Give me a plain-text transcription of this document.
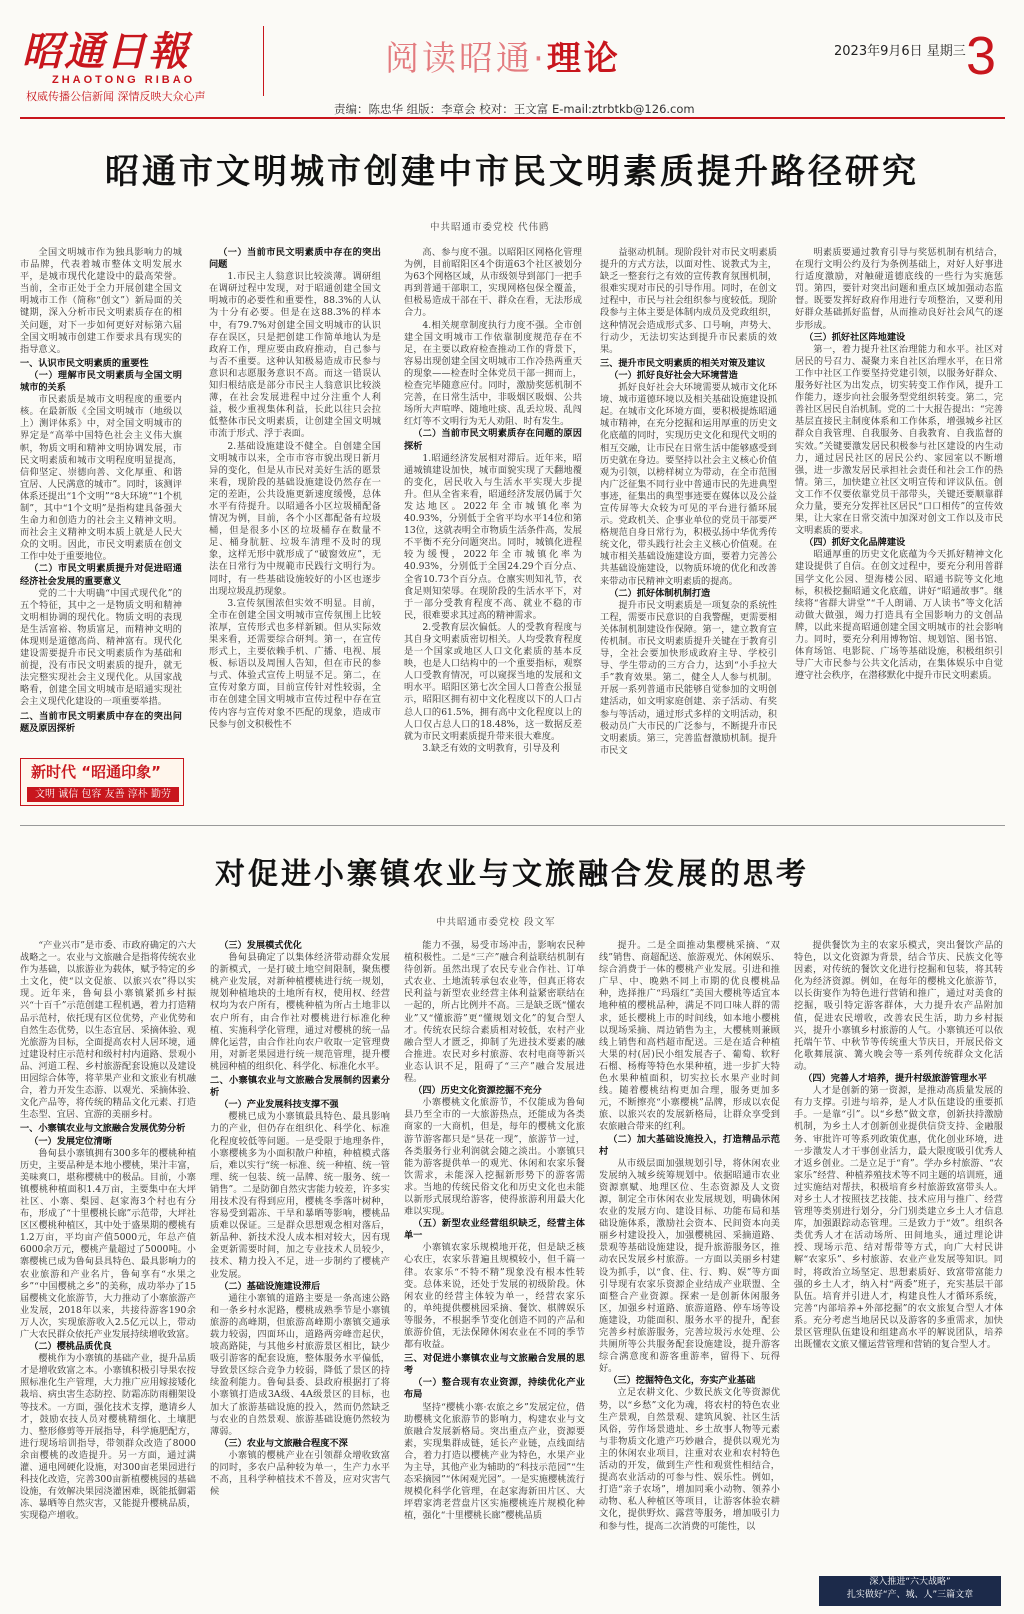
昭通日報
ZHAOTONG RIBAO
权威传播公信新闻 深情反映大众心声
阅读昭通·理论	2023年9月6日 星期三 3
责编：陈忠华 组版：李章会 校对：王文富 E-mail:ztrbtkb@126.com
昭通市文明城市创建中市民文明素质提升路径研究
中共昭通市委党校 代伟鸥

全国文明城市作为独具影响力的城市品牌，代表着城市整体文明发展水平，是城市现代化建设中的最高荣誉。当前，全市正处于全力开展创建全国文明城市工作（简称“创文”）新局面的关键期，深入分析市民文明素质存在的相关问题，对下一步如何更好对标第六届全国文明城市创建工作要求具有现实的指导意义。

一、认识市民文明素质的重要性

（一）理解市民文明素质与全国文明城市的关系

市民素质是城市文明程度的重要内核。在最新版《全国文明城市（地级以上）测评体系》中，对全国文明城市的界定是“高举中国特色社会主义伟大旗帜，物质文明和精神文明协调发展，市民文明素质和城市文明程度明显提高，信仰坚定、崇德向善、文化厚重、和谐宜居、人民满意的城市”。同时，该测评体系还提出“1个文明”“8大环境”“1个机制”，其中“1个文明”是指构建具备强大生命力和创造力的社会主义精神文明。而社会主义精神文明本质上就是人民大众的文明。因此，市民文明素质在创文工作中处于重要地位。

（二）市民文明素质提升对促进昭通经济社会发展的重要意义

党的二十大明确“中国式现代化”的五个特征，其中之一是物质文明和精神文明相协调的现代化。物质文明的表现是生活富裕、物质富足，而精神文明的体现则是道德高尚、精神富有。现代化建设需要提升市民文明素质作为基础和前提，没有市民文明素质的提升，就无法完整实现社会主义现代化。从国家战略看，创建全国文明城市是昭通实现社会主义现代化建设的一项重要举措。

二、当前市民文明素质中存在的突出问题及原因探析

新时代 “昭通印象”
文明 诚信 包容 友善 淳朴 勤劳

（一）当前市民文明素质中存在的突出问题

1.市民主人翁意识比较淡薄。调研组在调研过程中发现，对于昭通创建全国文明城市的必要性和重要性，88.3%的人认为十分有必要。但是在这88.3%的样本中，有79.7%对创建全国文明城市的认识存在误区，只是把创建工作简单地认为是政府工作，理应要由政府推动，自己参与与否不重要。这种认知极易造成市民参与意识和志愿服务意识不高。而这一错误认知归根结底是部分市民主人翁意识比较淡薄，在社会发展进程中过分注重个人利益，极少重视集体利益，长此以往只会拉低整体市民文明素质，让创建全国文明城市流于形式、浮于表面。

2.基础设施建设不健全。自创建全国文明城市以来，全市市容市貌出现日新月异的变化，但是从市民对美好生活的愿景来看，现阶段的基础设施建设仍然存在一定的差距，公共设施更新速度缓慢，总体水平有待提升。以昭通各小区垃圾桶配备情况为例，目前，各个小区都配备有垃圾桶，但是很多小区的垃圾桶存在数量不足、桶身肮脏、垃圾车清理不及时的现象，这样无形中就形成了“破窗效应”，无法在日常行为中规範市民践行文明行为。同时，有一些基础设施较好的小区也逐步出现垃圾乱扔现象。

3.宣传氛围浓但实效不明显。目前，全市在创建全国文明城市宣传氛围上比较浓厚，宣传形式也多样新颖。但从实际效果来看，还需要综合研判。第一，在宣传形式上，主要依赖手机、广播、电视、展板、标语以及周围人告知，但在市民的参与式、体验式宣传上明显不足。第二，在宣传对象方面，目前宣传针对性较弱，全市在创建全国文明城市宣传过程中存在宣传内容与宣传对象不匹配的现象，造成市民参与创文积极性不

高、参与度不强。以昭阳区网格化管理为例，目前昭阳区4个街道63个社区被划分为63个网格区域，从市级领导到部门一把手再到普通干部职工，实现网格包保全覆盖，但极易造成干部在干、群众在看，无法形成合力。

4.相关规章制度执行力度不强。全市创建全国文明城市工作依靠制度规范存在不足，在主要以政府检查推动工作的背景下，容易出现创建全国文明城市工作冷热两重天的现象——检查时全体党员干部一拥而上，检查完毕随意应付。同时，激励奖惩机制不完善，在日常生活中，非吸烟区吸烟、公共场所大声喧哗、随地吐痰、乱丢垃圾、乱闯红灯等不文明行为无人劝阻、时有发生。

（二）当前市民文明素质存在问题的原因探析

1.昭通经济发展相对滞后。近年来，昭通城镇建设加快，城市面貌实现了天翻地覆的变化，居民收入与生活水平实现大步提升。但从全省来看，昭通经济发展仍属于欠发达地区。2022年全市城镇化率为40.93%，分别低于全省平均水平14位和第13位，这就表明全市物质生活条件高，发展不平衡不充分问题突出。同时，城镇化进程较为缓慢，2022年全市城镇化率为40.93%，分别低于全国24.29个百分点、全省10.73个百分点。仓廪实则知礼节，衣食足则知荣辱。在现阶段的生活水平下，对于一部分受教育程度不高、就业不稳的市民，很难要求其过高的精神需求。

2.受教育层次偏低。人的受教育程度与其自身文明素质密切相关。人均受教育程度是一个国家或地区人口文化素质的基本反映，也是人口结构中的一个重要指标，观察人口受教育情况，可以窥探当地的发展和文明水平。昭阳区第七次全国人口普查公报显示，昭阳区拥有初中文化程度以下的人口占总人口的61.5%，拥有高中文化程度以上的人口仅占总人口的18.48%，这一数据反差就为市民文明素质提升带来很大难度。

3.缺乏有效的文明教育，引导及利

益驱动机制。现阶段针对市民文明素质提升的方式方法，以面对性、说教式为主，缺乏一整套行之有效的宣传教育氛围机制，很难实现对市民的引导作用。同时，在创文过程中，市民与社会组织参与度较低。现阶段参与主体主要是体制内成员及党政组织，这种情况会造成形式多、口号响，声势大、行动少，无法切实达到提升市民素质的效果。

三、提升市民文明素质的相关对策及建议

（一）抓好良好社会大环境营造

抓好良好社会大环境需要从城市文化环境、城市道德环境以及相关基础设施建设抓起。在城市文化环境方面，要积极提炼昭通城市精神，在充分挖掘和运用厚重的历史文化底蕴的同时，实现历史文化和现代文明的相互交融，让市民在日常生活中能够感受到历史就在身边。要坚持以社会主义核心价值观为引领，以榜样树立为带动，在全市范围内广泛征集不同行业中普通市民的先进典型事迹，征集出的典型事迹要在媒体以及公益宣传屏等大众较为可见的平台进行循环展示。党政机关、企事业单位的党员干部要严格规范自身日常行为，积极弘扬中华优秀传统文化，带头践行社会主义核心价值观。在城市相关基础设施建设方面，要着力完善公共基础设施建设，以物质环境的优化和改善来带动市民精神文明素质的提高。

（二）抓好体制机制打造

提升市民文明素质是一项复杂的系统性工程，需要市民意识的自我警醒，更需要相关体制机制建设作保障。第一，建立教育宣传机制。市民文明素质提升关键在于教育引导，全社会要加快形成政府主导、学校引导、学生带动的三方合力，达到“小手拉大手”教育效果。第二，健全人人参与机制。开展一系列普通市民能够自觉参加的文明创建活动，如文明家庭创建、亲子活动、有奖参与等活动，通过形式多样的文明活动，积极动员广大市民的广泛参与，不断提升市民文明素质。第三，完善监督激励机制。提升市民文

明素质要通过教育引导与奖惩机制有机结合，在现行文明公约及行为条例基础上，对好人好事进行适度激励，对触碰道德底线的一些行为实施惩罚。第四，要针对突出问题和重点区域加强动态监督。既要发挥好政府作用进行专项整治，又要利用好群众基础抓好监督，从而推动良好社会风气的逐步形成。

（三）抓好社区阵地建设

第一，着力提升社区治理能力和水平。社区对居民的号召力、凝聚力来自社区治理水平，在日常工作中社区工作要坚持党建引领，以服务好群众、服务好社区为出发点，切实转变工作作风，提升工作能力，逐步向社会服务型党组织转变。第二，完善社区居民自治机制。党的二十大报告提出：“完善基层直接民主制度体系和工作体系，增强城乡社区群众自我管理、自我服务、自我教育、自我监督的实效。”关键要激发居民积极参与社区建设的内生动力，通过居民社区的居民公约、家园室以不断增强，进一步激发居民承担社会责任和社会工作的热情。第三，加快建立社区文明宣传和评议队伍。创文工作不仅要依靠党员干部带头，关键还要顺靠群众力量，要充分发挥社区居民“口口相传”的宣传效果，让大家在日常交流中加深对创文工作以及市民文明素质的要求。

（四）抓好文化品牌建设

昭通厚重的历史文化底蕴为今天抓好精神文化建设提供了自信。在创文过程中，要充分利用普群国学文化公园、望海楼公园、昭通书院等文化地标，积极挖掘昭通文化底蕴，讲好“昭通故事”。继续将“省群大讲堂”“千人朗诵、万人读书”等文化活动做大做强，竭力打造具有全国影响力的文创品牌，以此来提高昭通创建全国文明城市的社会影响力。同时，要充分利用博物馆、规划馆、图书馆、体育场馆、电影院、广场等基础设施，积极组织引导广大市民参与公共文化活动，在集体娱乐中自觉遵守社会秩序，在潜移默化中提升市民文明素质。

对促进小寨镇农业与文旅融合发展的思考
中共昭通市委党校 段文军

“产业兴市”是市委、市政府确定的六大战略之一。农业与文旅融合是指将传统农业作为基础，以旅游业为载体，赋予特定的乡土文化，使“以文促旅、以旅兴农”得以实现。近年来，鲁甸县小寨镇紧抓乡村振兴“十百千”示范创建工程机遇，着力打造精品示范村，依托现有区位优势，产业优势和自然生态优势，以生态宜居、采摘体验、观光旅游为目标，全面提高农村人居环境，通过建设村庄示范村和级村村内道路、景观小品、河道工程、乡村旅游配套设施以及建设田园综合体等，将苹果产业和文旅业有机融合，着力开发生态游、以观光、采摘体验、文化产品等，将传统的精品文化元素、打造生态型、宜居、宜游的美丽乡村。

一、小寨镇农业与文旅融合发展优势分析

（一）发展定位清晰

鲁甸县小寨镇拥有300多年的樱桃种植历史，主要品种是本地小樱桃，果汁丰富，美味爽口，堪称樱桃中的极品。目前，小寨镇樱桃种植面积1.4万亩，主要集中在大坪社区、小寨、梨园、赵家海3个村也有分布，形成了“十里樱桃长廊”示范带，大坪社区区樱桃种植区，其中处于盛果期的樱桃有1.2万亩，平均亩产值5000元，年总产值6000余万元，樱桃产量超过了5000吨。小寨樱桃已成为鲁甸县具特色、最具影响力的农业旅游和产业名片，鲁甸享有“水果之乡”“中国樱桃之乡”的美称，成功举办了15届樱桃文化旅游节，大力推动了小寨旅游产业发展，2018年以来，共接待游客190余万人次，实现旅游收入2.5亿元以上，带动广大农民群众依托产业发展持续增收致富。

（二）樱桃品质优良

樱桃作为小寨镇的基础产业，提升品质才是增收致富之本。小寨镇积极引导果农按照标准化生产管理，大力推广应用嫁接矮化栽培、病虫害生态防控、防霜冻防雨棚架设等技术。一方面，强化技术支撑，邀请乡人才，鼓励农技人员对樱桃精细化、土壤肥力、整形修剪等开展指导，科学施肥配方，进行现场培训指导，带领群众改造了8000余亩樱桃的改造提升。另一方面，通过满灌、通电网硬化设施，对300亩老果园进行科技化改造，完善300亩新植樱桃园的基础设施，有效解决果园浇灌困难，既能抵御霜冻、暴晒等自然灾害，又能提升樱桃品质，实现稳产增收。

（三）发展模式优化

鲁甸县确定了以集体经济带动群众发展的新模式，一是打破土地空间限制，聚焦樱桃产业发展，对新种植樱桃进行统一规划，规划种植地块的土地所有权，使用权、经营权均为农户所有，樱桃种植为所占土地非以农户所有，由合作社对樱桃进行标准化种植、实施科学化管理，通过对樱桃的统一品牌化运营，由合作社向农户收取一定管理费用，对新老果园进行统一规范管理，提升樱桃园种植的组织化、科学化、标准化水平。

二、小寨镇农业与文旅融合发展制约因素分析

（一）产业发展科技支撑不强

樱桃已成为小寨镇最具特色、最具影响力的产业，但仍存在组织化、科学化、标准化程度较低等问题。一是受限于地理条件，小寨樱桃多为小面积散户种植，种植模式落后，难以实行“统一标准、统一种植、统一管理、统一包装、统一品牌、统一服务、统一销售”。二是防御自然灾害能力较差，许多实用技术没有得到应用，樱桃冬季落叶树种，容易受到霜冻、干旱和暴晒等影响，樱桃品质难以保证。三是群众思想观念相对落后，新品种、新技术没人成本相对较大，因有现金更新需要时间，加之专业技术人员较少，技术、精力投入不足，进一步制约了樱桃产业发展。

（二）基础设施建设滞后

通往小寨镇的道路主要是一条高速公路和一条乡村水泥路，樱桃成熟季节是小寨镇旅游的高峰期，但旅游高峰期小寨镇交通承载力较弱，四面环山，道路两旁峰峦起伏，坡高路陡，与其他乡村旅游景区相比，缺少吸引游客的配套设施，整体服务水平偏低，导致景区综合竞争力较弱，降低了景区的持续盈利能力。鲁甸县委、县政府根据打了将小寨镇打造成3A级、4A级景区的目标，也加大了旅游基础设施的投入，然而仍然缺乏与农业的自然景观、旅游基础设施仍然较为薄弱。

（三）农业与文旅融合程度不深

小寨镇的樱桃产业在引领群众增收致富的同时，多农户品种较为单一，生产力水平不高，且科学种植技术不普及，应对灾害气候

能力不强，易受市场冲击，影响农民种植积极性。二是“三产”融合利益联结机制有待创新。虽然出现了农民专业合作社、订单式农业、土地流转承包农业等，但真正将农民利益与新型农业经营主体利益紧密联结在一起的，所占比例并不高。三是缺乏既“懂农业”又“懂旅游”更“懂规划文化”的复合型人才。传统农民综合素质相对较低，农村产业融合型人才匮乏，抑制了先进技术要素的融合推进。农民对乡村旅游、农村电商等新兴业态认识不足，阻碍了“三产”融合发展进程。

（四）历史文化资源挖掘不充分

小寨樱桃文化旅游节，不仅能成为鲁甸县乃至全市的一大旅游热点，还能成为各类商家的一大商机，但是，每年的樱桃文化旅游节游客都只是“昙花一现”，旅游节一过，各类服务行业利润就会随之淡出。小寨镇只能为游客提供单一的观光、休闲和农家乐餐饮需求，未能深入挖掘新形势下的游客需求。当地的传统民俗文化和历史文化也未能以新形式展现给游客，使得旅游利用最大化难以实现。

（五）新型农业经营组织缺乏，经营主体单一

小寨镇农家乐规模地开花，但是缺乏核心农庄，农家乐普遍且规模较小，但千篇一律。农家乐“不特不精”现象没有根本性转变。总体来说，还处于发展的初级阶段。休闲农业的经营主体较为单一，经营农家乐的，单纯提供樱桃园采摘、餐饮、棋牌娱乐等服务，不根据季节变化创造不同的产品和旅游价值，无法保障休闲农业在不同的季节都有收益。

三、对促进小寨镇农业与文旅融合发展的思考

（一）整合现有农业资源，持续优化产业布局

坚持“樱桃小寨·农旅之乡”发展定位，借助樱桃文化旅游节的影响力，构建农业与文旅融合发展新格局。突出重点产业，资源要素，实现集群成链，延长产业链，点线面结合，着力打造以樱桃产业为特色，水果产业为主导，其他产业为辅助的“科技示范园”“生态采摘园”“休闲观光园”。一是实施樱桃流行规模化科学化管理，在赵家海新田片区、大坪碧家湾老营盘片区实施樱桃连片规模化种植，强化“十里樱桃长廊”樱桃品质

提升。二是全面推动集樱桃采摘、“双线”销售、商超配送、旅游观光、休闲娱乐、综合消费于一体的樱桃产业发展。引进和推广早、中、晚熟不同上市期的优良樱桃品种，选择推广“玛瑙红”美国大樱桃等适宜本地种植的樱桃品种，满足不同口味人群的需求，延长樱桃上市的时间线，如本地小樱桃以现场采摘、周边销售为主，大樱桃则兼顾线上销售和高档超市配送。三是在适合种植大果的村(居)民小组发展杏子、葡萄、软籽石榴、杨梅等特色水果种植，进一步扩大特色水果种植面积，切实拉长水果产业时间线。随着樱桃结构更加合理，服务更加多元，不断擦亮“小寨樱桃”品牌，形成以农促旅、以旅兴农的发展新格局，让群众享受到农旅融合带来的红利。

（二）加大基础设施投入，打造精品示范村

从市级层面加强规划引导，将休闲农业发展纳入城乡统筹规划中。依据昭通市农业资源禀赋、地理区位、生态资源及人文资源，制定全市休闲农业发展规划，明确休闲农业的发展方向、建设目标、功能布局和基础设施体系，激励社会资本、民间资本向美丽乡村建设投入，加强樱桃园、采摘道路、景观等基础设施建设，提升旅游服务区，推动农民发展乡村旅游。一方面以美丽乡村建设为抓手，以“食、住、行、购、娱”等方面引导现有农家乐资源企业结成产业联盟、全面整合产业资源。探索一是创新休闲服务区，加强乡村道路、旅游道路、停车场等设施建设，功能面积、服务水平的提升，配套完善乡村旅游服务，完善垃圾污水处理、公共厕所等公共服务配套设施建设，提升游客综合满意度和游客重游率，留得下、玩得好。

（三）挖掘特色文化，夯实产业基础

立足农耕文化、少数民族文化等资源优势，以“乡愁”文化为魂，将农村的特色农业生产景观，自然景观、建筑风貌、社区生活风俗，劳作场景遗址、乡土故事人物等元素与非物质文化遗产巧妙融合，提供以观光为主的休闲农业项目，注重对农业和农村特色活动的开发，做到生产性和观赏性相结合，提高农业活动的可参与性、娱乐性。例如，打造“亲子农场”，增加同乘小动物、领养小动物、私人种植区等项目，让游客体验农耕文化，提供野炊、露营等服务，增加吸引力和参与性，提高二次消费的可能性，以

提供餐饮为主的农家乐模式，突出餐饮产品的特色，以文化资源为背景，结合节庆、民族文化等因素，对传统的餐饮文化进行挖掘和包装，将其转化为经济资源。例如，在每年的樱桃文化旅游节，以长街宴作为特色进行营销和推广，通过对美食的挖掘，吸引特定游客群体，大力提升农产品附加值，促进农民增收，改善农民生活，助力乡村振兴，提升小寨镇乡村旅游的人气。小寨镇还可以依托端午节、中秋节等传统重大节庆日，开展民俗文化歌舞展演、篝火晚会等一系列传统群众文化活动。

（四）完善人才培养，提升村级旅游管理水平

人才是创新的第一资源，是推动高质量发展的有力支撑。引进与培养，是人才队伍建设的重要抓手。一是靠“引”。以“乡愁”做文章，创新扶持激励机制，为乡土人才创新创业提供信贷支持、金融服务、审批许可等系列政策优惠，优化创业环境，进一步激发人才干事创业活力，最大限度吸引优秀人才返乡创业。二是立足于“育”。学办乡村旅游、“农家乐”经营、种植养殖技术等不同主题的培训班，通过实施结对帮扶，积极培育乡村旅游致富带头人。对乡土人才按照技艺技能、技术应用与推广、经营管理等类别进行划分，分门别类建立乡土人才信息库，加强跟踪动态管理。三是致力于“效”。组织各类优秀人才在活动场所、田间地头，通过理论讲授、现场示范、结对帮带等方式，向广大村民讲解“农家乐”、乡村旅游、农业产业发展等知识。同时，将政治立场坚定、思想素质好、致富带富能力强的乡土人才，纳入村“两委”班子，充实基层干部队伍。培育并引进人才，构建良性人才循环系统，完善“内部培养+外部挖掘”的农文旅复合型人才体系。充分考虑当地居民以及游客的多重需求，加快景区管理队伍建设和组建高水平的解说团队，培养出既懂农文旅又懂运营管理和营销的复合型人才。

深入推进“六大战略”
扎实做好“产、城、人”三篇文章
